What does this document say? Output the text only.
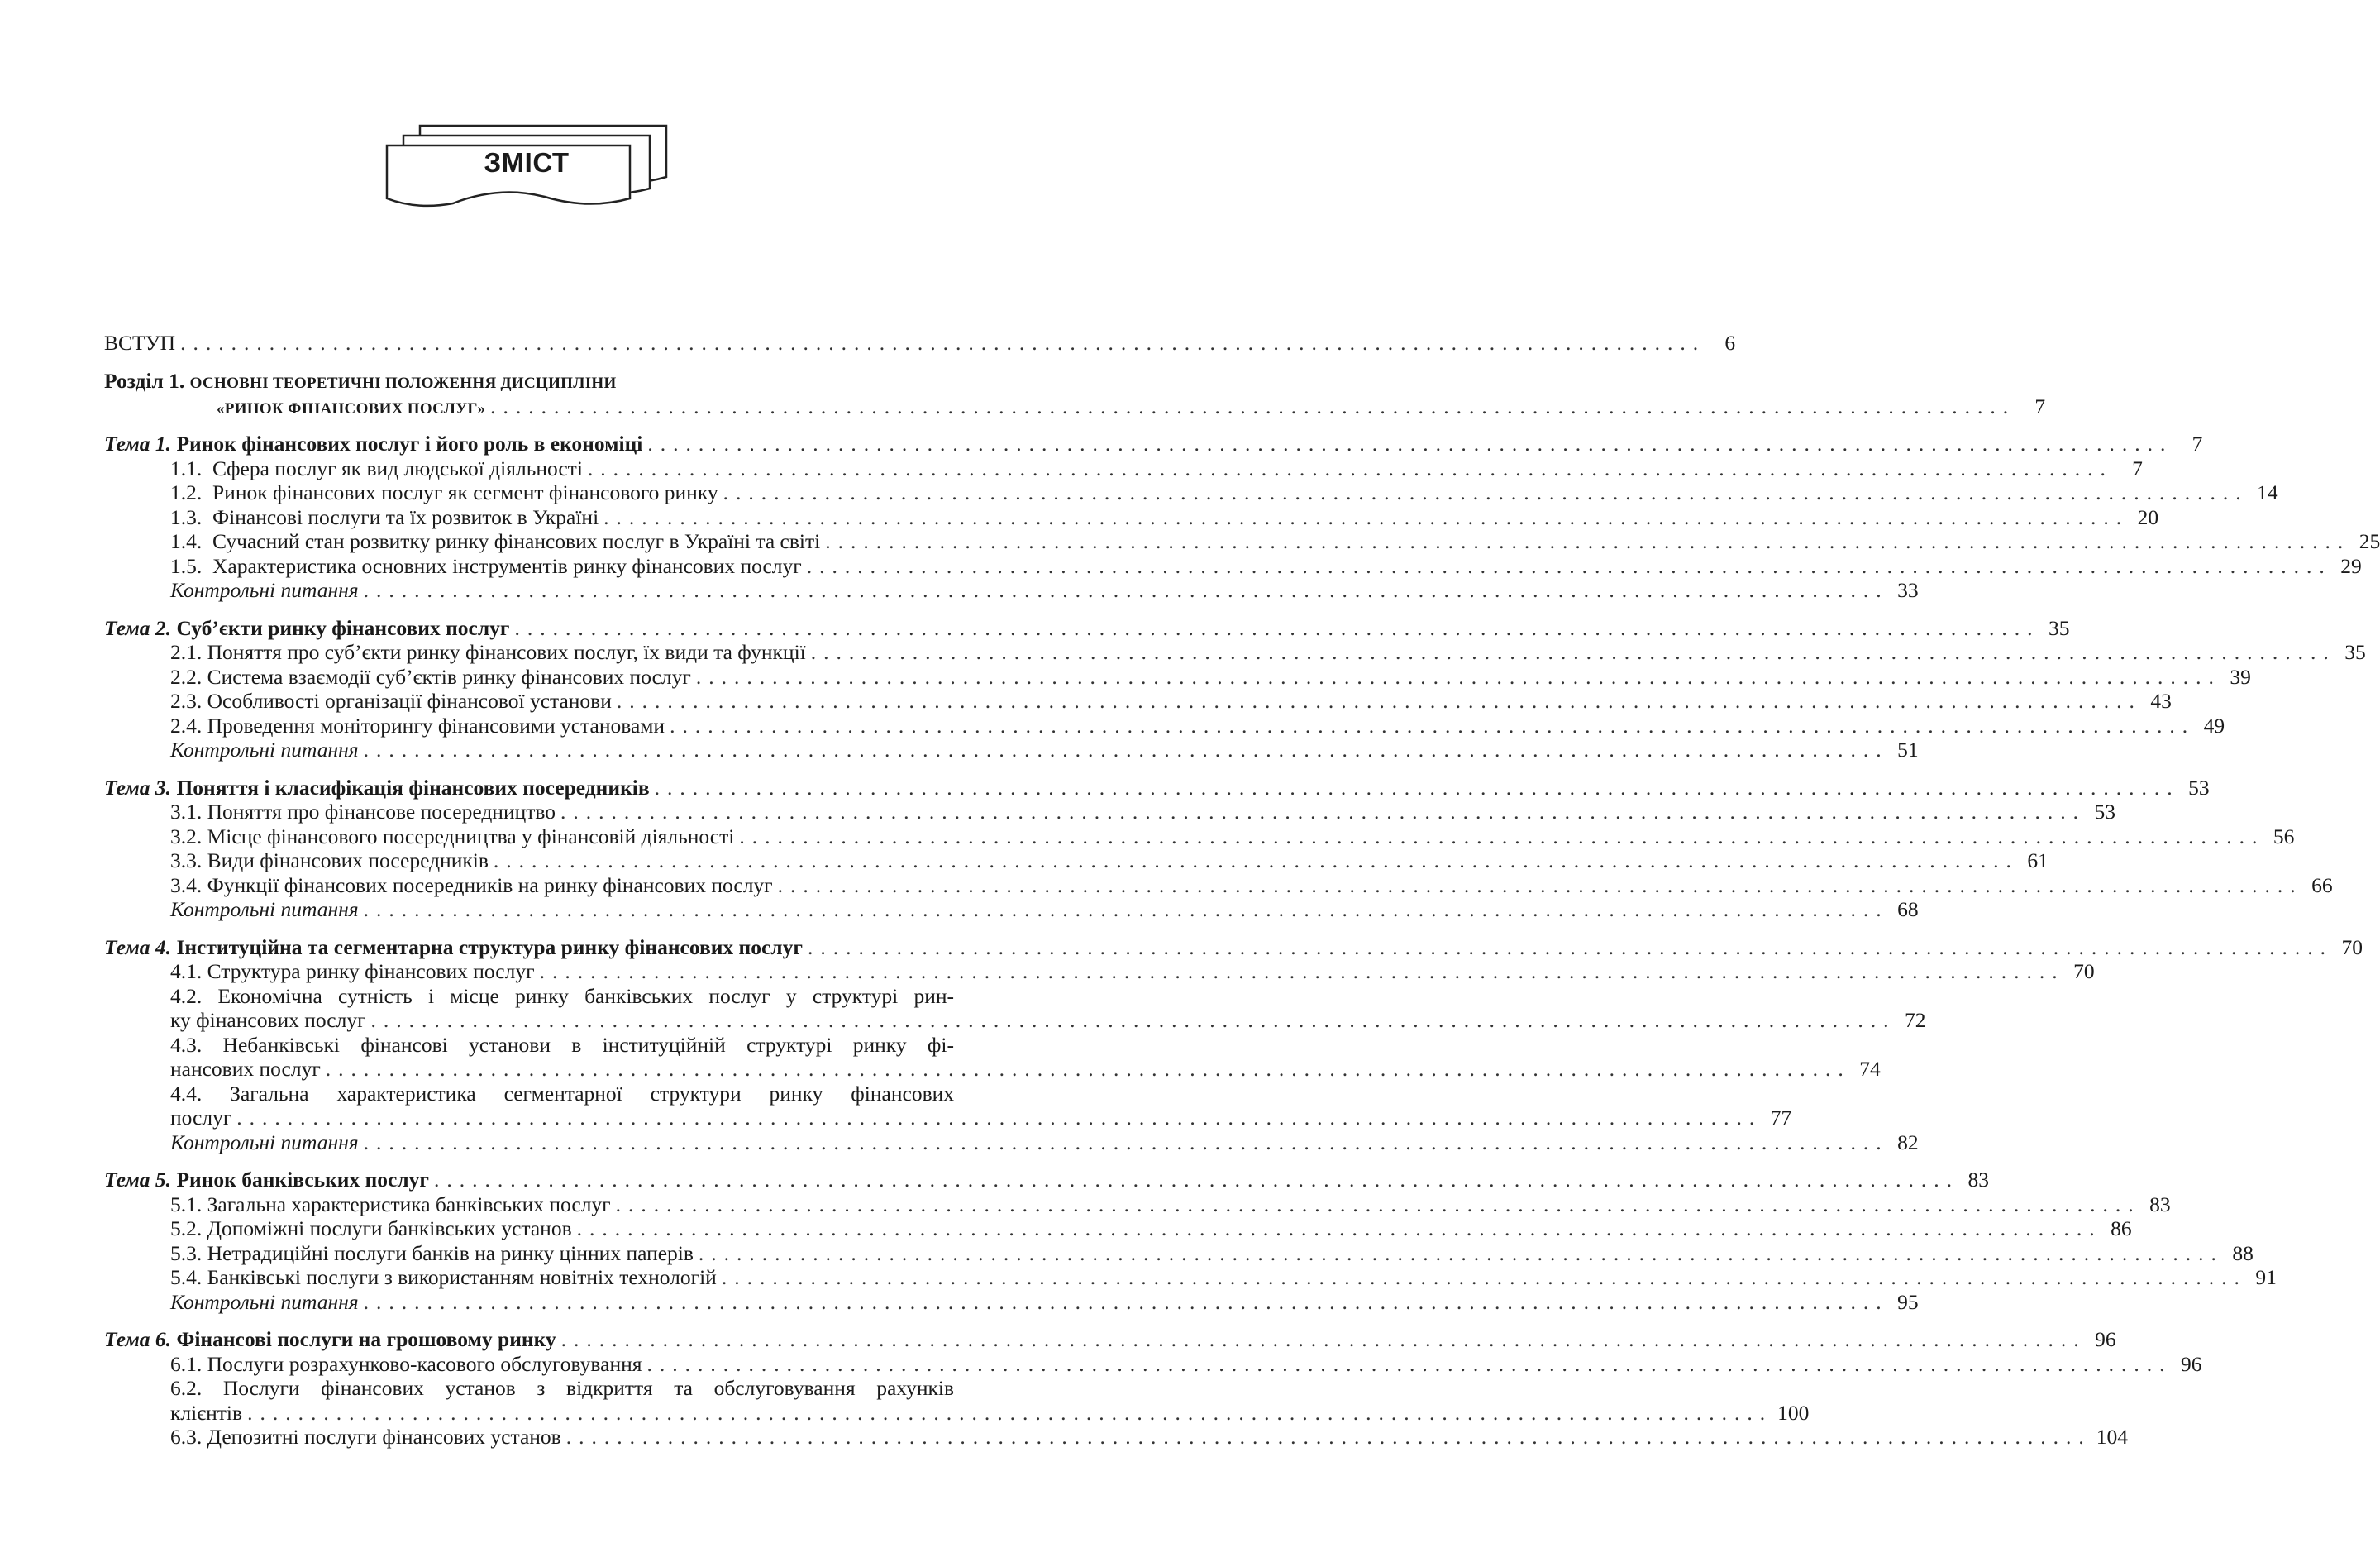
ЗМІСТ
ВСТУП ........................................................................................................................ 6
Розділ 1. ОСНОВНІ ТЕОРЕТИЧНІ ПОЛОЖЕННЯ ДИСЦИПЛІНИ
«РИНОК ФІНАНСОВИХ ПОСЛУГ» ........................................................................................................................ 7
Тема 1. Ринок фінансових послуг і його роль в економіці ........................................................................................................................ 7
1.1.  Сфера послуг як вид людської діяльності ........................................................................................................................ 7
1.2.  Ринок фінансових послуг як сегмент фінансового ринку ........................................................................................................................ 14
1.3.  Фінансові послуги та їх розвиток в Україні ........................................................................................................................ 20
1.4.  Сучасний стан розвитку ринку фінансових послуг в Україні та світі ........................................................................................................................ 25
1.5.  Характеристика основних інструментів ринку фінансових послуг ........................................................................................................................ 29
Контрольні питання ........................................................................................................................ 33
Тема 2. Суб’єкти ринку фінансових послуг ........................................................................................................................ 35
2.1. Поняття про суб’єкти ринку фінансових послуг, їх види та функції ........................................................................................................................ 35
2.2. Система взаємодії суб’єктів ринку фінансових послуг ........................................................................................................................ 39
2.3. Особливості організації фінансової установи ........................................................................................................................ 43
2.4. Проведення моніторингу фінансовими установами ........................................................................................................................ 49
Контрольні питання ........................................................................................................................ 51
Тема 3. Поняття і класифікація фінансових посередників ........................................................................................................................ 53
3.1. Поняття про фінансове посередництво ........................................................................................................................ 53
3.2. Місце фінансового посередництва у фінансовій діяльності ........................................................................................................................ 56
3.3. Види фінансових посередників ........................................................................................................................ 61
3.4. Функції фінансових посередників на ринку фінансових послуг ........................................................................................................................ 66
Контрольні питання ........................................................................................................................ 68
Тема 4. Інституційна та сегментарна структура ринку фінансових послуг ........................................................................................................................ 70
4.1. Структура ринку фінансових послуг ........................................................................................................................ 70
4.2. Економічна сутність і місце ринку банківських послуг у структурі рин-
ку фінансових послуг ........................................................................................................................ 72
4.3. Небанківські фінансові установи в інституційній структурі ринку фі-
нансових послуг ........................................................................................................................ 74
4.4. Загальна характеристика сегментарної структури ринку фінансових
послуг ........................................................................................................................ 77
Контрольні питання ........................................................................................................................ 82
Тема 5. Ринок банківських послуг ........................................................................................................................ 83
5.1. Загальна характеристика банківських послуг ........................................................................................................................ 83
5.2. Допоміжні послуги банківських установ ........................................................................................................................ 86
5.3. Нетрадиційні послуги банків на ринку цінних паперів ........................................................................................................................ 88
5.4. Банківські послуги з використанням новітніх технологій ........................................................................................................................ 91
Контрольні питання ........................................................................................................................ 95
Тема 6. Фінансові послуги на грошовому ринку ........................................................................................................................ 96
6.1. Послуги розрахунково-касового обслуговування ........................................................................................................................ 96
6.2. Послуги фінансових установ з відкриття та обслуговування рахунків
клієнтів ........................................................................................................................ 100
6.3. Депозитні послуги фінансових установ ........................................................................................................................ 104
